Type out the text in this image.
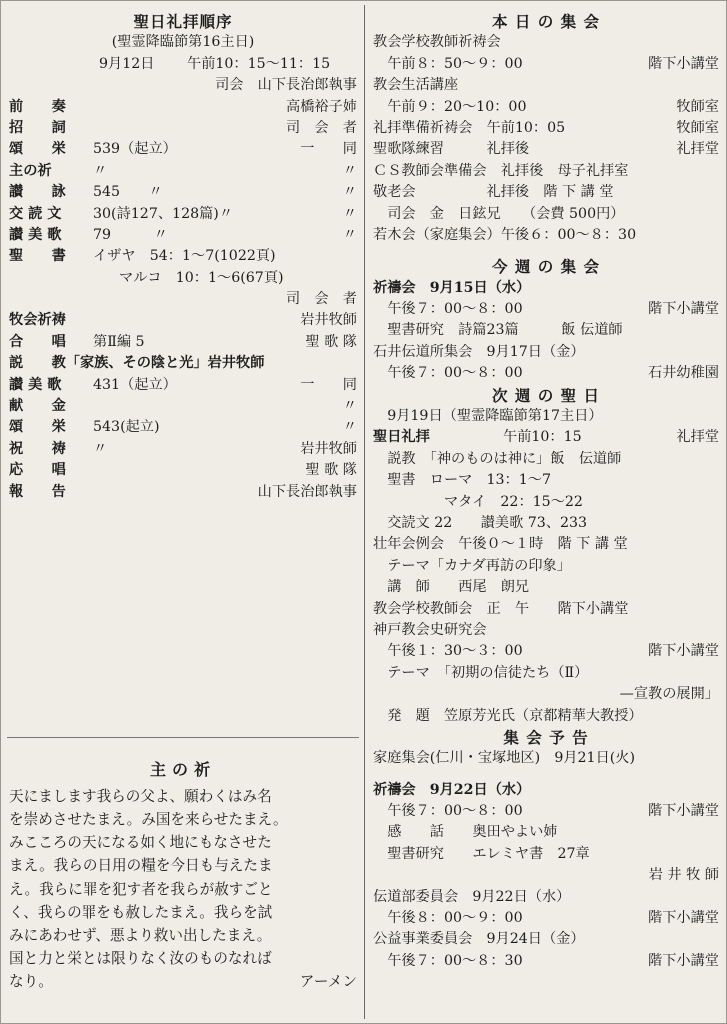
聖日礼拝順序
(聖霊降臨節第16主日)
9月12日 午前10：15～11：15
司会　山下長治郎執事
前　　奏	高橋裕子姉
招　　詞	司　会　者
頌　　栄 539（起立）	一　　同
主の祈	〃	〃
讃　　詠 545　　〃	〃
交 読 文 30(詩127、128篇)〃	〃
讃 美 歌 79　　　〃	〃
聖　　書 イザヤ　54：1～7(1022頁)
マルコ　10：1～6(67頁)
司　会　者
牧会祈祷	岩井牧師
合　　唱 第Ⅱ編 5	聖 歌 隊
説　　教「家族、その陰と光」岩井牧師
讃 美 歌 431（起立）	一　　同
献　　金	〃
頌　　栄 543(起立)	〃
祝　　祷 〃	岩井牧師
応　　唱	聖 歌 隊
報　　告	山下長治郎執事
主の祈
天にまします我らの父よ、願わくはみ名
を崇めさせたまえ。み国を来らせたまえ。
みこころの天になる如く地にもなさせた
まえ。我らの日用の糧を今日も与えたま
え。我らに罪を犯す者を我らが赦すごと
く、我らの罪をも赦したまえ。我らを試
みにあわせず、悪より救い出したまえ。
国と力と栄とは限りなく汝のものなれば
なり。	アーメン
本 日 の 集 会
教会学校教師祈祷会
　午前８：50～９：00	階下小講堂
教会生活講座
　午前９：20～10：00	牧師室
礼拝準備祈祷会　午前10：05	牧師室
聖歌隊練習　　　礼拝後	礼拝堂
ＣＳ教師会準備会　礼拝後　母子礼拝室
敬老会　　　　　礼拝後　階 下 講 堂
　司会　金　日鉉兄　　（会費 500円）
若木会（家庭集会）午後６：00～８：30
今 週 の 集 会
祈禱会　9月15日（水）
　午後７：00～８：00	階下小講堂
　聖書研究　詩篇23篇　　　飯 伝道師
石井伝道所集会　9月17日（金）
　午後７：00～８：00	石井幼稚園
次 週 の 聖 日
　9月19日（聖霊降臨節第17主日）
聖日礼拝	午前10：15	礼拝堂
　説教　「神のものは神に」飯　伝道師
　聖書　ローマ　13：1～7
　　　　　マタイ　22：15～22
　交読文 22　　讃美歌 73、233
壮年会例会　午後０～１時　階 下 講 堂
　テーマ「カナダ再訪の印象」
　講　師　　西尾　朗兄
教会学校教師会　正　午　　階下小講堂
神戸教会史研究会
　午後１：30～３：00	階下小講堂
　テーマ　「初期の信徒たち（Ⅱ）
—宣教の展開」
　発　題　笠原芳光氏（京都精華大教授）
集 会 予 告
家庭集会(仁川・宝塚地区)　9月21日(火)
祈禱会　9月22日（水）
　午後７：00～８：00	階下小講堂
　感　　話　　奥田やよい姉
　聖書研究　　エレミヤ書　27章
岩 井 牧 師
伝道部委員会　9月22日（水）
　午後８：00～９：00	階下小講堂
公益事業委員会　9月24日（金）
　午後７：00～８：30	階下小講堂
